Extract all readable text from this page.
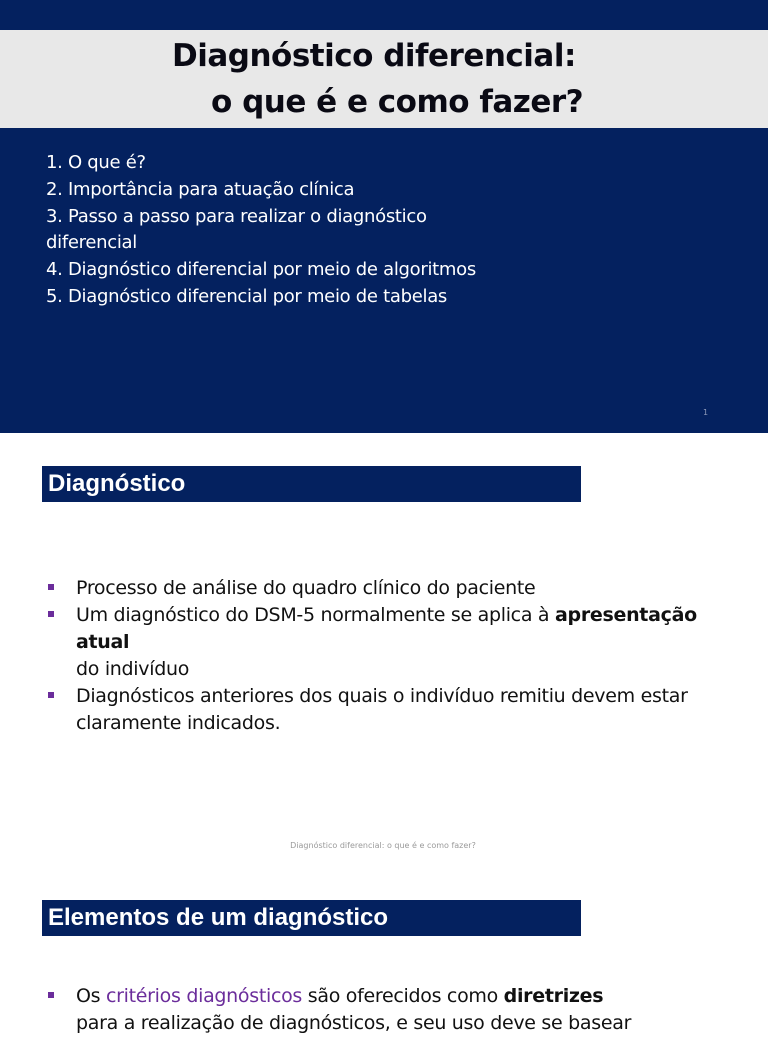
Diagnóstico diferencial:
o que é e como fazer?
1. O que é?
2. Importância para atuação clínica
3. Passo a passo para realizar o diagnóstico
diferencial
4. Diagnóstico diferencial por meio de algoritmos
5. Diagnóstico diferencial por meio de tabelas
1
Diagnóstico
Processo de análise do quadro clínico do paciente
Um diagnóstico do DSM-5 normalmente se aplica à apresentação atual
do indivíduo
Diagnósticos anteriores dos quais o indivíduo remitiu devem estar
claramente indicados.
Diagnóstico diferencial: o que é e como fazer?
Elementos de um diagnóstico
Os critérios diagnósticos são oferecidos como diretrizes
para a realização de diagnósticos, e seu uso deve se basear
